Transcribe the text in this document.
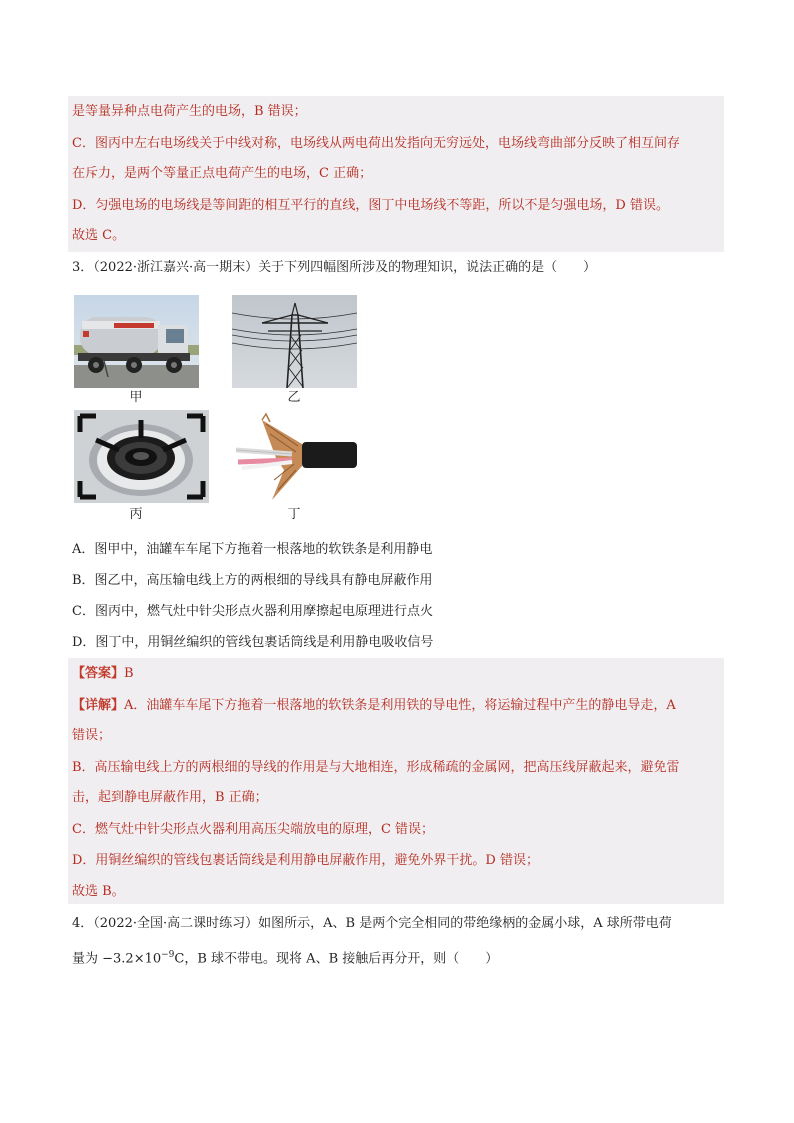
是等量异种点电荷产生的电场，B 错误；
C．图丙中左右电场线关于中线对称，电场线从两电荷出发指向无穷远处，电场线弯曲部分反映了相互间存
在斥力，是两个等量正点电荷产生的电场，C 正确；
D．匀强电场的电场线是等间距的相互平行的直线，图丁中电场线不等距，所以不是匀强电场，D 错误。
故选 C。
3．（2022·浙江嘉兴·高一期末）关于下列四幅图所涉及的物理知识，说法正确的是（　　）
甲	乙
丙	丁
A．图甲中，油罐车车尾下方拖着一根落地的软铁条是利用静电
B．图乙中，高压输电线上方的两根细的导线具有静电屏蔽作用
C．图丙中，燃气灶中针尖形点火器利用摩擦起电原理进行点火
D．图丁中，用铜丝编织的管线包裹话筒线是利用静电吸收信号
【答案】B
【详解】A．油罐车车尾下方拖着一根落地的软铁条是利用铁的导电性，将运输过程中产生的静电导走，A
错误；
B．高压输电线上方的两根细的导线的作用是与大地相连，形成稀疏的金属网，把高压线屏蔽起来，避免雷
击，起到静电屏蔽作用，B 正确；
C．燃气灶中针尖形点火器利用高压尖端放电的原理，C 错误；
D．用铜丝编织的管线包裹话筒线是利用静电屏蔽作用，避免外界干扰。D 错误；
故选 B。
4．（2022·全国·高二课时练习）如图所示，A、B 是两个完全相同的带绝缘柄的金属小球，A 球所带电荷
量为 $-3.2\times 10^{-9}C$，B 球不带电。现将 A、B 接触后再分开，则（　　）
